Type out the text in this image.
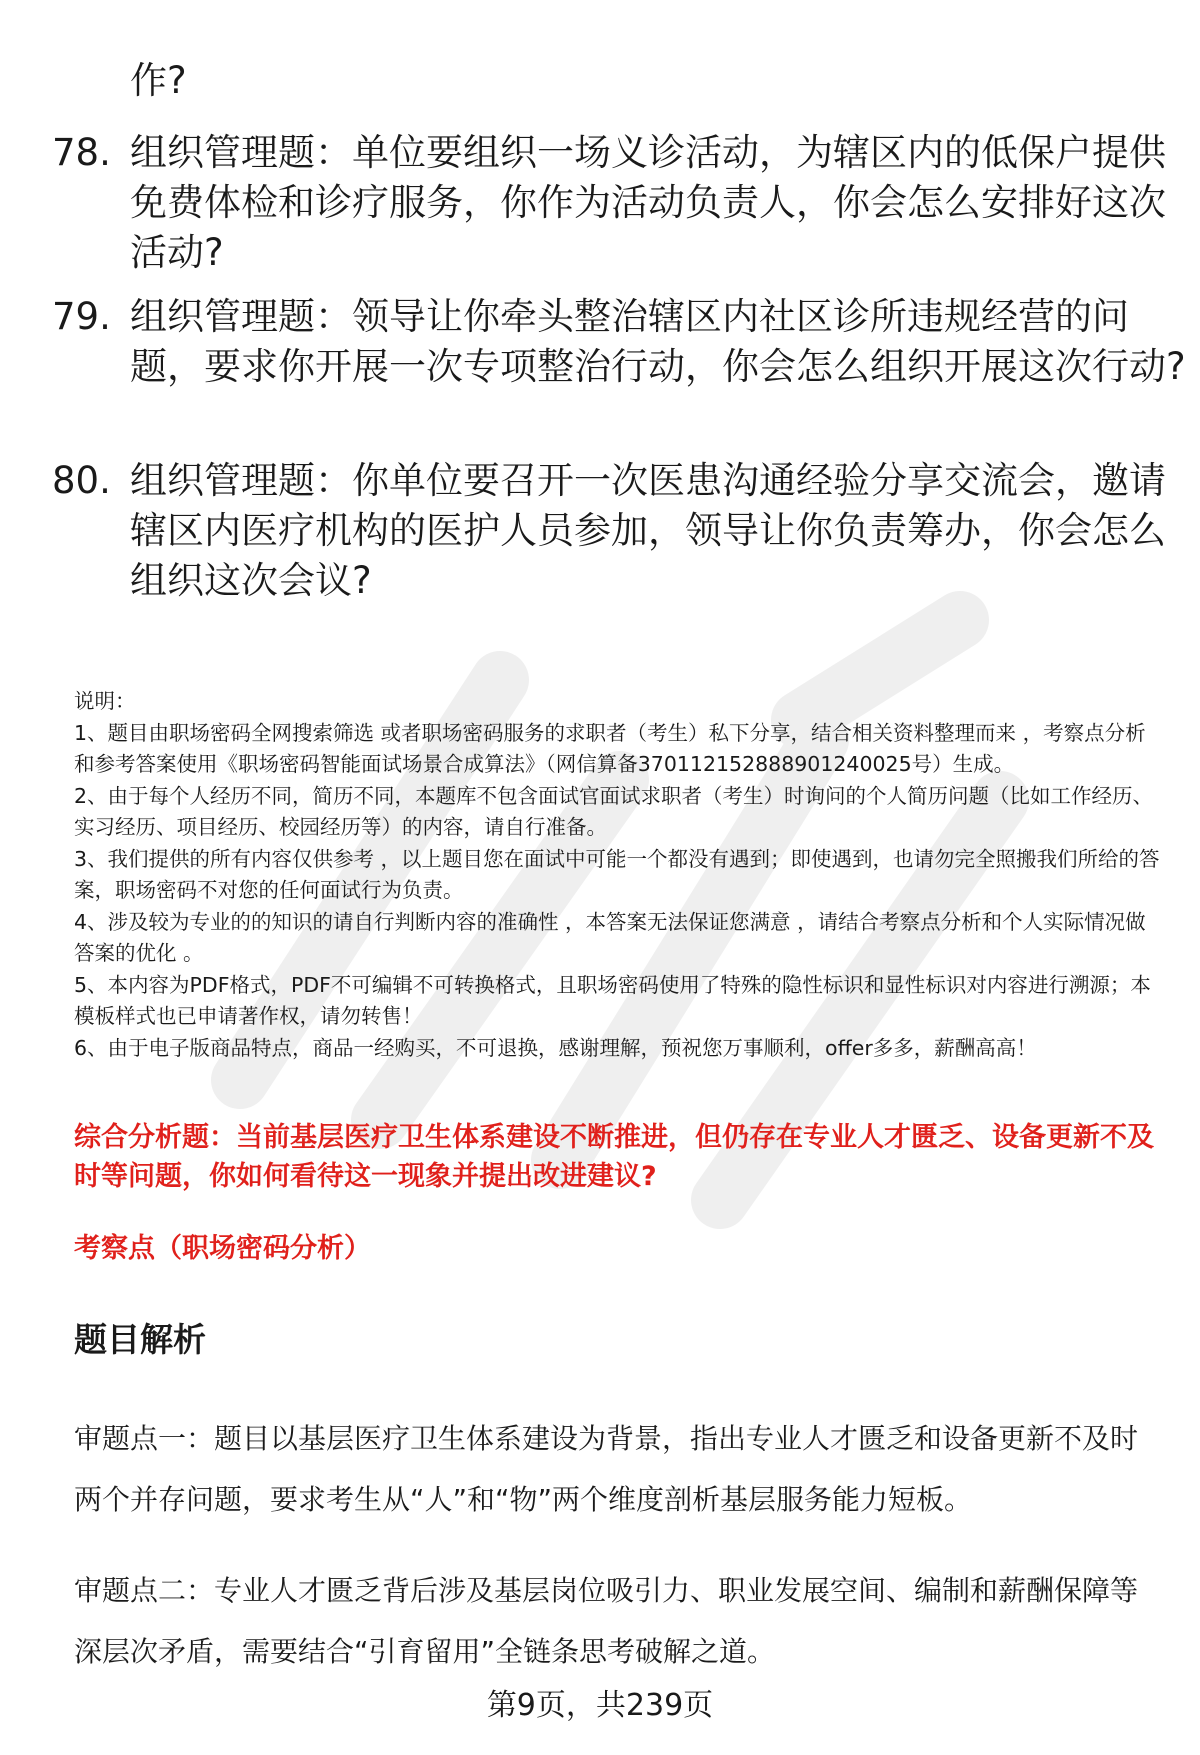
作?

78. 组织管理题：单位要组织一场义诊活动，为辖区内的低保户提供免费体检和诊疗服务，你作为活动负责人，你会怎么安排好这次活动?
79. 组织管理题：领导让你牵头整治辖区内社区诊所违规经营的问题，要求你开展一次专项整治行动，你会怎么组织开展这次行动?
80. 组织管理题：你单位要召开一次医患沟通经验分享交流会，邀请辖区内医疗机构的医护人员参加，领导让你负责筹办，你会怎么组织这次会议?

说明：

1、题目由职场密码全网搜索筛选 或者职场密码服务的求职者（考生）私下分享，结合相关资料整理而来 ，考察点分析和参考答案使用《职场密码智能面试场景合成算法》（网信算备370112152888901240025号）生成。

2、由于每个人经历不同，简历不同，本题库不包含面试官面试求职者（考生）时询问的个人简历问题（比如工作经历、实习经历、项目经历、校园经历等）的内容，请自行准备。

3、我们提供的所有内容仅供参考 ，以上题目您在面试中可能一个都没有遇到；即使遇到，也请勿完全照搬我们所给的答案，职场密码不对您的任何面试行为负责。

4、涉及较为专业的的知识的请自行判断内容的准确性 ，本答案无法保证您满意 ，请结合考察点分析和个人实际情况做答案的优化 。

5、本内容为PDF格式，PDF不可编辑不可转换格式，且职场密码使用了特殊的隐性标识和显性标识对内容进行溯源；本模板样式也已申请著作权，请勿转售！

6、由于电子版商品特点，商品一经购买，不可退换，感谢理解，预祝您万事顺利，offer多多，薪酬高高！

综合分析题：当前基层医疗卫生体系建设不断推进，但仍存在专业人才匮乏、设备更新不及时等问题，你如何看待这一现象并提出改进建议?
考察点（职场密码分析）
题目解析

审题点一：题目以基层医疗卫生体系建设为背景，指出专业人才匮乏和设备更新不及时两个并存问题，要求考生从“人”和“物”两个维度剖析基层服务能力短板。

审题点二：专业人才匮乏背后涉及基层岗位吸引力、职业发展空间、编制和薪酬保障等深层次矛盾，需要结合“引育留用”全链条思考破解之道。

第9页，共239页
